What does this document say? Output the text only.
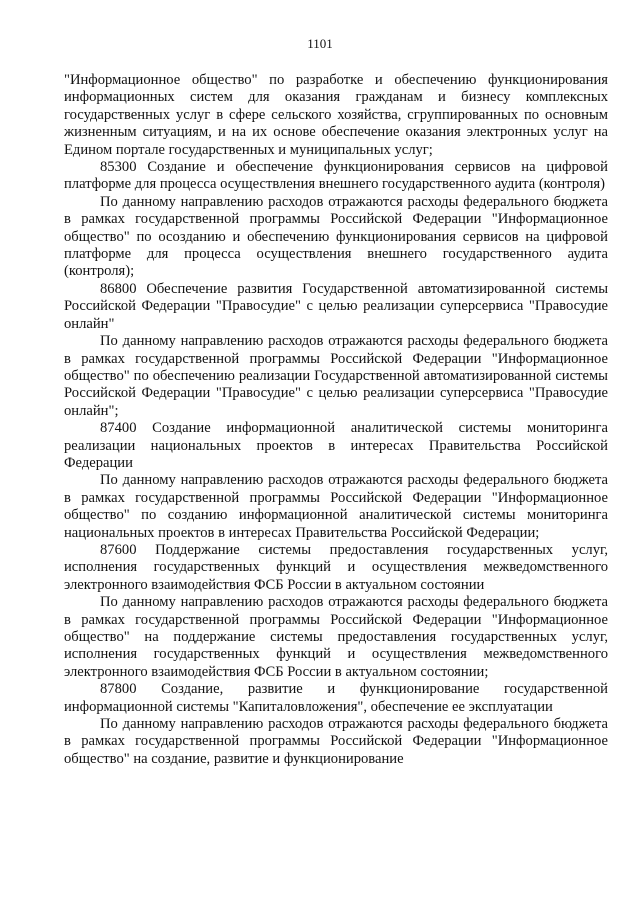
1101

"Информационное общество" по разработке и обеспечению функционирования информационных систем для оказания гражданам и бизнесу комплексных государственных услуг в сфере сельского хозяйства, сгруппированных по основным жизненным ситуациям, и на их основе обеспечение оказания электронных услуг на Едином портале государственных и муниципальных услуг;

85300 Создание и обеспечение функционирования сервисов на цифровой платформе для процесса осуществления внешнего государственного аудита (контроля)

По данному направлению расходов отражаются расходы федерального бюджета в рамках государственной программы Российской Федерации "Информационное общество" по осозданию и обеспечению функционирования сервисов на цифровой платформе для процесса осуществления внешнего государственного аудита (контроля);

86800 Обеспечение развития Государственной автоматизированной системы Российской Федерации "Правосудие" с целью реализации суперсервиса "Правосудие онлайн"

По данному направлению расходов отражаются расходы федерального бюджета в рамках государственной программы Российской Федерации "Информационное общество" по обеспечению реализации Государственной автоматизированной системы Российской Федерации "Правосудие" с целью реализации суперсервиса "Правосудие онлайн";

87400 Создание информационной аналитической системы мониторинга реализации национальных проектов в интересах Правительства Российской Федерации

По данному направлению расходов отражаются расходы федерального бюджета в рамках государственной программы Российской Федерации "Информационное общество" по созданию информационной аналитической системы мониторинга национальных проектов в интересах Правительства Российской Федерации;

87600 Поддержание системы предоставления государственных услуг, исполнения государственных функций и осуществления межведомственного электронного взаимодействия ФСБ России в актуальном состоянии

По данному направлению расходов отражаются расходы федерального бюджета в рамках государственной программы Российской Федерации "Информационное общество" на поддержание системы предоставления государственных услуг, исполнения государственных функций и осуществления межведомственного электронного взаимодействия ФСБ России в актуальном состоянии;

87800 Создание, развитие и функционирование государственной информационной системы "Капиталовложения", обеспечение ее эксплуатации

По данному направлению расходов отражаются расходы федерального бюджета в рамках государственной программы Российской Федерации "Информационное общество" на создание, развитие и функционирование
